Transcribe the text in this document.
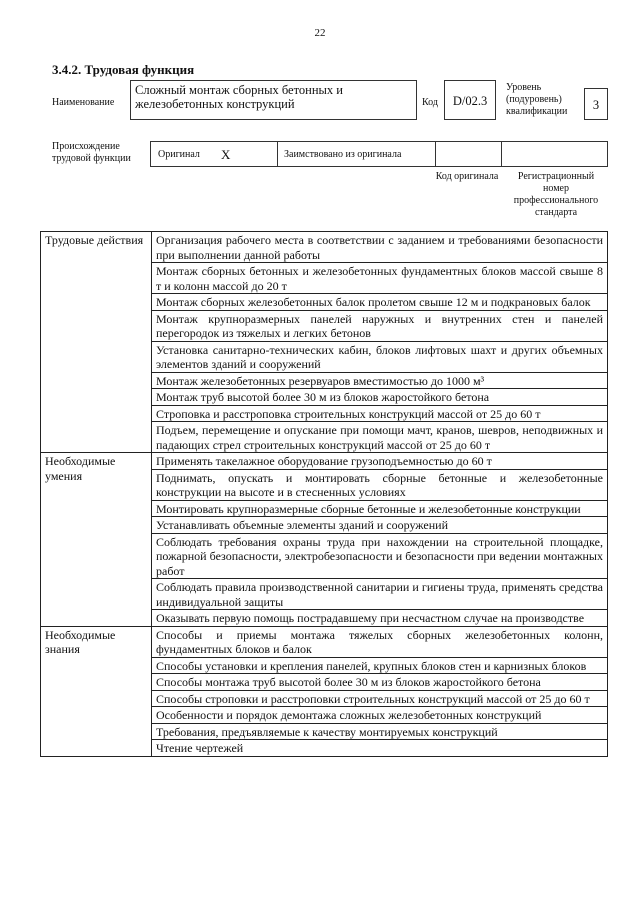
22
3.4.2. Трудовая функция
Наименование
Сложный монтаж сборных бетонных и железобетонных конструкций	Код	D/02.3
Уровень (подуровень) квалификации	3
Происхождение трудовой функции	Оригинал X	Заимствовано из оригинала
Код оригинала	Регистрационный номер профессионального стандарта
Трудовые действия	Организация рабочего места в соответствии с заданием и требованиями безопасности при выполнении данной работы
	Монтаж сборных бетонных и железобетонных фундаментных блоков массой свыше 8 т и колонн массой до 20 т
	Монтаж сборных железобетонных балок пролетом свыше 12 м и подкрановых балок
	Монтаж крупноразмерных панелей наружных и внутренних стен и панелей перегородок из тяжелых и легких бетонов
	Установка санитарно-технических кабин, блоков лифтовых шахт и других объемных элементов зданий и сооружений
	Монтаж железобетонных резервуаров вместимостью до 1000 м³
	Монтаж труб высотой более 30 м из блоков жаростойкого бетона
	Строповка и расстроповка строительных конструкций массой от 25 до 60 т
	Подъем, перемещение и опускание при помощи мачт, кранов, шевров, неподвижных и падающих стрел строительных конструкций массой от 25 до 60 т
Необходимые умения	Применять такелажное оборудование грузоподъемностью до 60 т
	Поднимать, опускать и монтировать сборные бетонные и железобетонные конструкции на высоте и в стесненных условиях
	Монтировать крупноразмерные сборные бетонные и железобетонные конструкции
	Устанавливать объемные элементы зданий и сооружений
	Соблюдать требования охраны труда при нахождении на строительной площадке, пожарной безопасности, электробезопасности и безопасности при ведении монтажных работ
	Соблюдать правила производственной санитарии и гигиены труда, применять средства индивидуальной защиты
	Оказывать первую помощь пострадавшему при несчастном случае на производстве
Необходимые знания	Способы и приемы монтажа тяжелых сборных железобетонных колонн, фундаментных блоков и балок
	Способы установки и крепления панелей, крупных блоков стен и карнизных блоков
	Способы монтажа труб высотой более 30 м из блоков жаростойкого бетона
	Способы строповки и расстроповки строительных конструкций массой от 25 до 60 т
	Особенности и порядок демонтажа сложных железобетонных конструкций
	Требования, предъявляемые к качеству монтируемых конструкций
	Чтение чертежей
